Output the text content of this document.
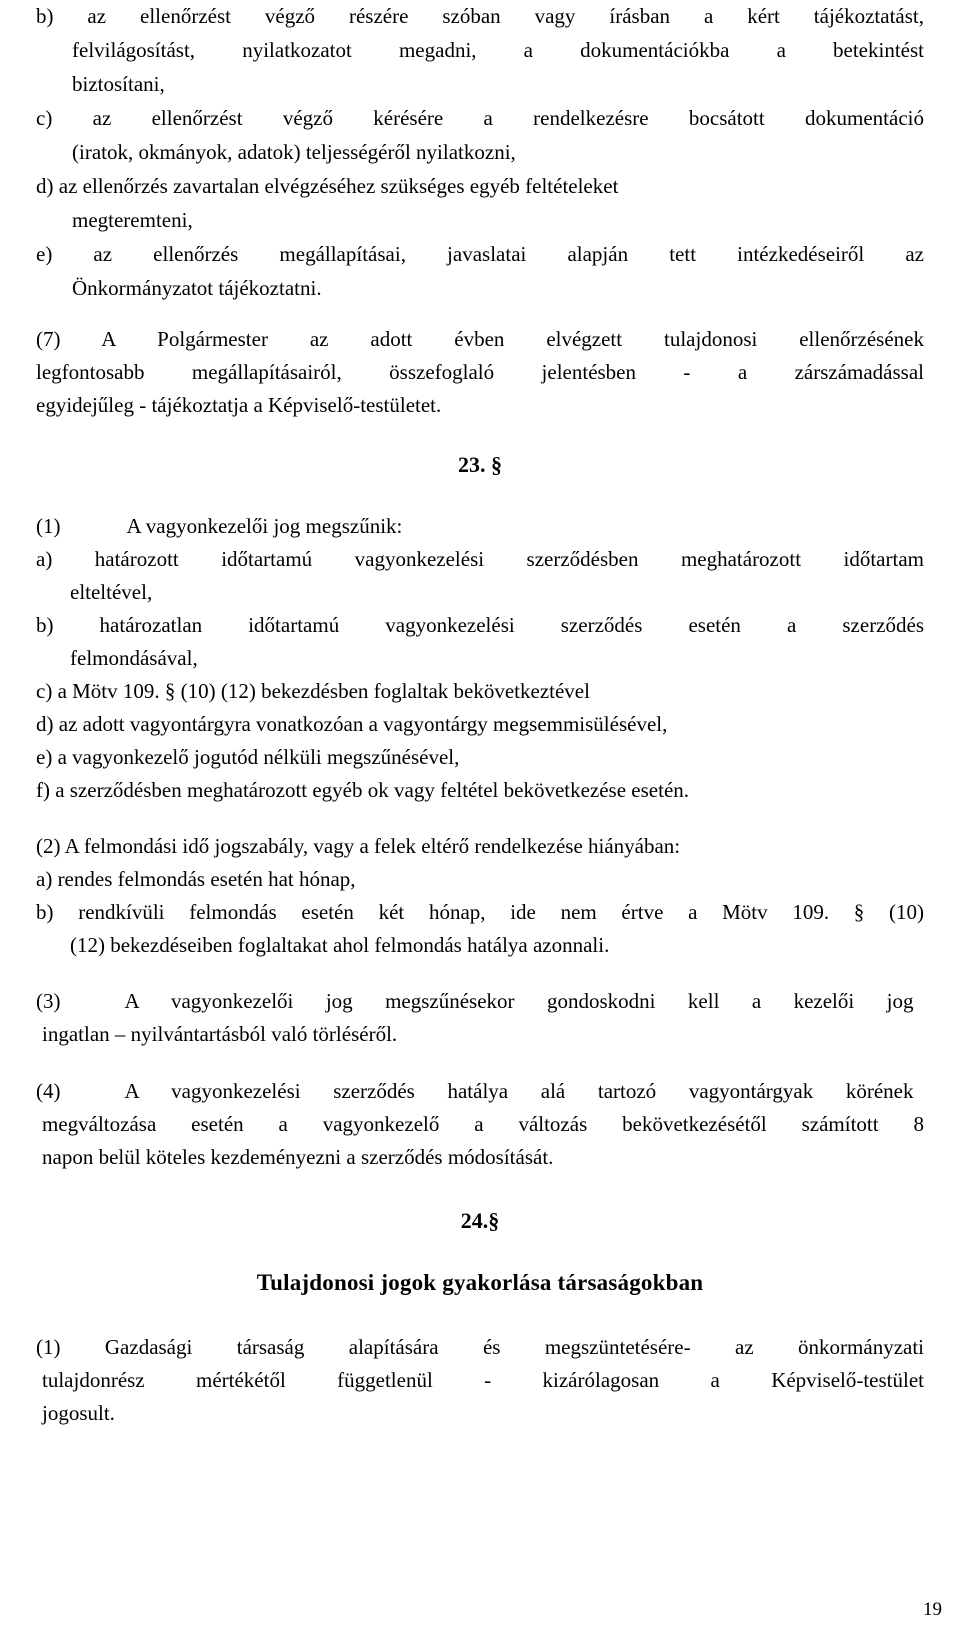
b) az ellenőrzést végző részére szóban vagy írásban a kért tájékoztatást,
felvilágosítást, nyilatkozatot megadni, a dokumentációkba a betekintést
biztosítani,
c) az ellenőrzést végző kérésére a rendelkezésre bocsátott dokumentáció
(iratok, okmányok, adatok) teljességéről nyilatkozni,
d) az ellenőrzés zavartalan elvégzéséhez szükséges egyéb feltételeket
megteremteni,
e) az ellenőrzés megállapításai, javaslatai alapján tett intézkedéseiről az
Önkormányzatot tájékoztatni.
(7) A Polgármester az adott évben elvégzett tulajdonosi ellenőrzésének
legfontosabb megállapításairól, összefoglaló jelentésben - a zárszámadással
egyidejűleg - tájékoztatja a Képviselő-testületet.
23. §
(1)	A vagyonkezelői jog megszűnik:
a) határozott időtartamú vagyonkezelési szerződésben meghatározott időtartam
elteltével,
b) határozatlan időtartamú vagyonkezelési szerződés esetén a szerződés
felmondásával,
c) a Mötv 109. § (10) (12) bekezdésben foglaltak bekövetkeztével
d) az adott vagyontárgyra vonatkozóan a vagyontárgy megsemmisülésével,
e) a vagyonkezelő jogutód nélküli megszűnésével,
f) a szerződésben meghatározott egyéb ok vagy feltétel bekövetkezése esetén.
(2) A felmondási idő jogszabály, vagy a felek eltérő rendelkezése hiányában:
a) rendes felmondás esetén hat hónap,
b) rendkívüli felmondás esetén két hónap, ide nem értve a Mötv 109. § (10)
(12) bekezdéseiben foglaltakat ahol felmondás hatálya azonnali.
(3)	A vagyonkezelői jog megszűnésekor gondoskodni kell a kezelői jog
ingatlan – nyilvántartásból való törléséről.
(4)	A vagyonkezelési szerződés hatálya alá tartozó vagyontárgyak körének
megváltozása esetén a vagyonkezelő a változás bekövetkezésétől számított 8
napon belül köteles kezdeményezni a szerződés módosítását.
24.§
Tulajdonosi jogok gyakorlása társaságokban
(1) Gazdasági társaság alapítására és megszüntetésére- az önkormányzati
tulajdonrész mértékétől függetlenül - kizárólagosan a Képviselő-testület
jogosult.
19
